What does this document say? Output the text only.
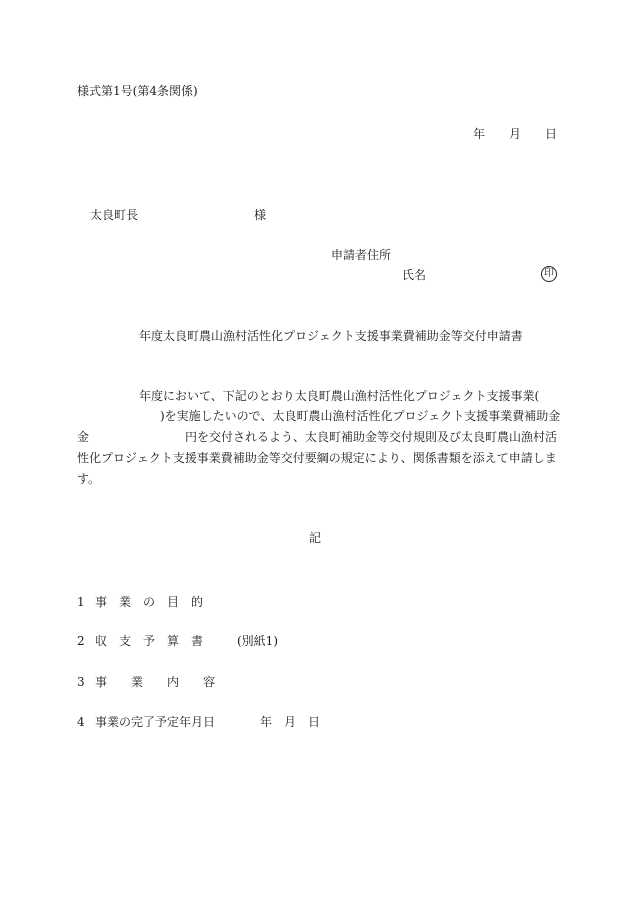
様式第1号(第4条関係)
年　　月　　日
太良町長	様
申請者住所
氏名	印
年度太良町農山漁村活性化プロジェクト支援事業費補助金等交付申請書
年度において、下記のとおり太良町農山漁村活性化プロジェクト支援事業(
)を実施したいので、太良町農山漁村活性化プロジェクト支援事業費補助金
金	円を交付されるよう、太良町補助金等交付規則及び太良町農山漁村活
性化プロジェクト支援事業費補助金等交付要綱の規定により、関係書類を添えて申請しま
す。
記
1 事　業　の　目　的
2 収　支　予　算　書	(別紙1)
3 事　　業　　内　　容
4 事業の完了予定年月日	年　月　日
